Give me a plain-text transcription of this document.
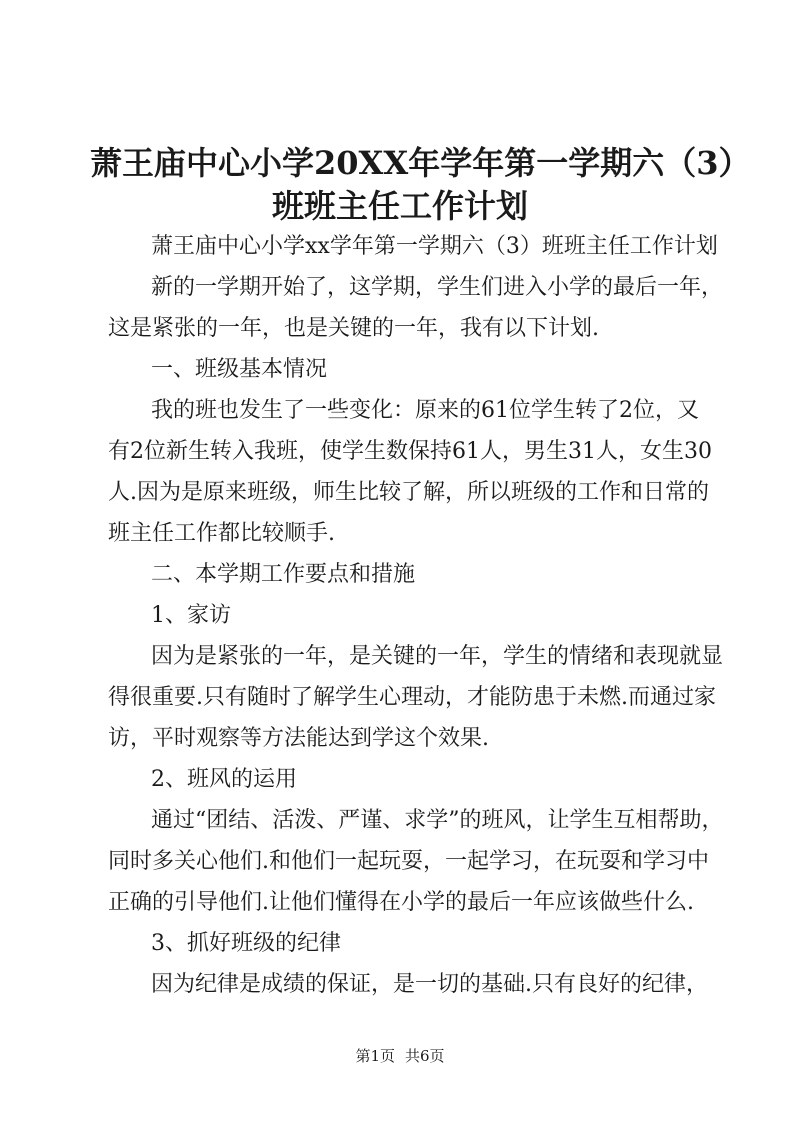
萧王庙中心小学20XX年学年第一学期六（3）
班班主任工作计划

萧王庙中心小学xx学年第一学期六（3）班班主任工作计划

新的一学期开始了，这学期，学生们进入小学的最后一年，

这是紧张的一年，也是关键的一年，我有以下计划.

一、班级基本情况

我的班也发生了一些变化：原来的61位学生转了2位，又

有2位新生转入我班，使学生数保持61人，男生31人，女生30

人.因为是原来班级，师生比较了解，所以班级的工作和日常的

班主任工作都比较顺手.

二、本学期工作要点和措施

1、家访

因为是紧张的一年，是关键的一年，学生的情绪和表现就显

得很重要.只有随时了解学生心理动，才能防患于未燃.而通过家

访，平时观察等方法能达到学这个效果.

2、班风的运用

通过“团结、活泼、严谨、求学”的班风，让学生互相帮助，

同时多关心他们.和他们一起玩耍，一起学习，在玩耍和学习中

正确的引导他们.让他们懂得在小学的最后一年应该做些什么.

3、抓好班级的纪律

因为纪律是成绩的保证，是一切的基础.只有良好的纪律，

第1页 共6页
